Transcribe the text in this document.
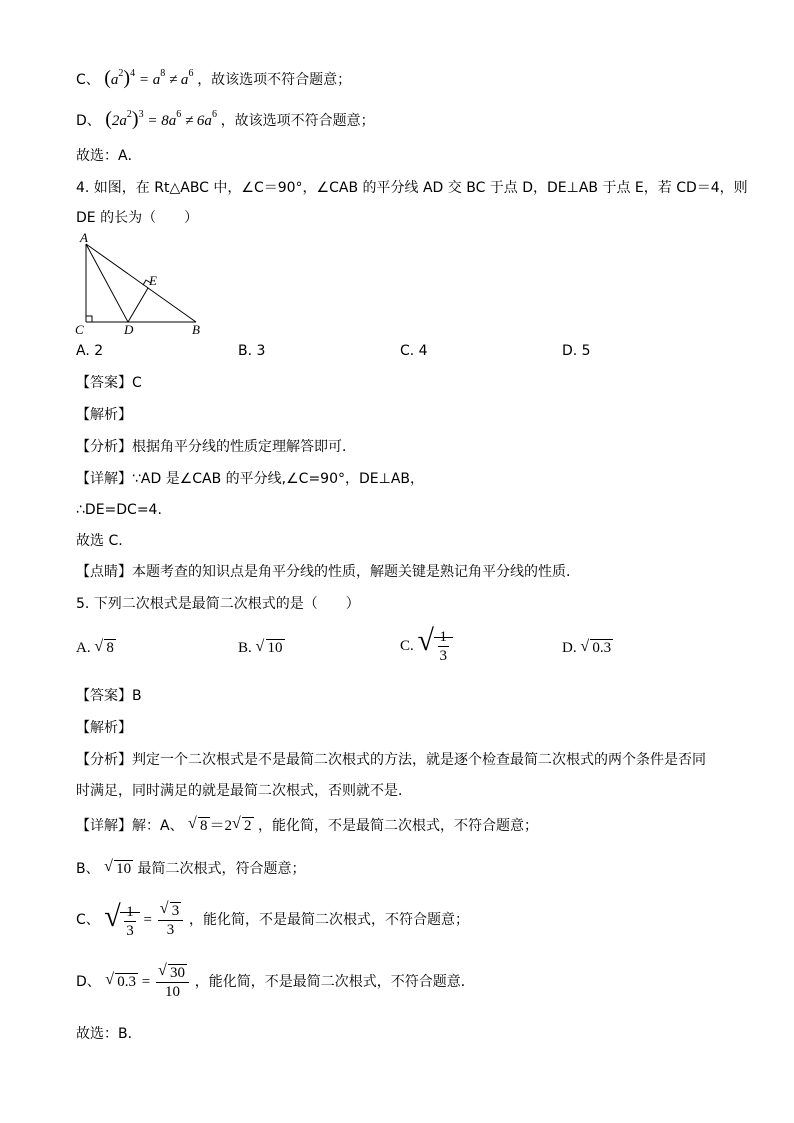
C、 $(a^2)^4 = a^8 \ne a^6$ ，故该选项不符合题意；
D、 $(2a^2)^3 = 8a^6 \ne 6a^6$ ，故该选项不符合题意；
故选：A．
4. 如图，在 Rt△ABC 中，∠C＝90°，∠CAB 的平分线 AD 交 BC 于点 D，DE⊥AB 于点 E，若 CD＝4，则
DE 的长为（　　）
A
C	D	B
E
A. 2	B. 3	C. 4	D. 5
【答案】C
【解析】
【分析】根据角平分线的性质定理解答即可．
【详解】∵AD 是∠CAB 的平分线,∠C=90°，DE⊥AB，
∴DE=DC=4.
故选 C.
【点睛】本题考查的知识点是角平分线的性质，解题关键是熟记角平分线的性质.
5. 下列二次根式是最简二次根式的是（　　）
A. √ 8	B. √ 10	C. √ $\frac{1}{3}$	D. √ 0.3
【答案】B
【解析】
【分析】判定一个二次根式是不是最简二次根式的方法，就是逐个检查最简二次根式的两个条件是否同
时满足，同时满足的就是最简二次根式，否则就不是．
【详解】解：A、 √ 8 ＝2 √ 2 ，能化简，不是最简二次根式，不符合题意；
B、 √ 10 最简二次根式，符合题意；
C、 √ $\frac{1}{3} = \frac{√ 3}{3}$ ，能化简，不是最简二次根式，不符合题意；
D、 √ $0.3 = \frac{√ 30}{10}$ ，能化简，不是最简二次根式，不符合题意．
故选：B．
